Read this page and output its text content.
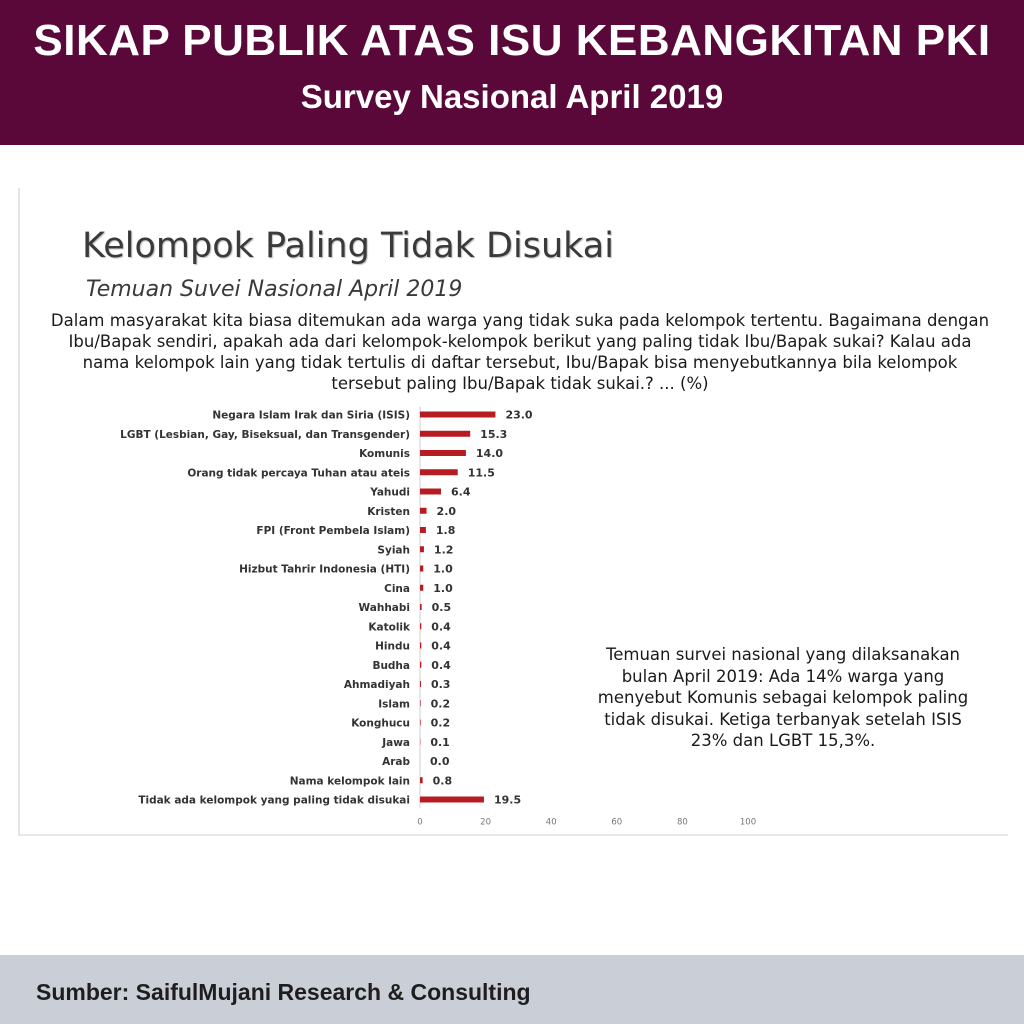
SIKAP PUBLIK ATAS ISU KEBANGKITAN PKI
Survey Nasional April 2019
Kelompok Paling Tidak Disukai
Temuan Suvei Nasional April 2019
Dalam masyarakat kita biasa ditemukan ada warga yang tidak suka pada kelompok tertentu. Bagaimana dengan Ibu/Bapak sendiri, apakah ada dari kelompok-kelompok berikut yang paling tidak Ibu/Bapak sukai? Kalau ada nama kelompok lain yang tidak tertulis di daftar tersebut, Ibu/Bapak bisa menyebutkannya bila kelompok tersebut paling Ibu/Bapak tidak sukai.? ... (%)
Negara Islam Irak dan Siria (ISIS)	23.0
LGBT (Lesbian, Gay, Biseksual, dan Transgender)	15.3
Komunis	14.0
Orang tidak percaya Tuhan atau ateis	11.5
Yahudi	6.4
Kristen 2.0
FPI (Front Pembela Islam) 1.8
Syiah 1.2
Hizbut Tahrir Indonesia (HTI) 1.0
Cina 1.0
Wahhabi 0.5
Katolik 0.4
Hindu 0.4
Budha 0.4
Ahmadiyah 0.3
Islam 0.2
Konghucu 0.2
Jawa 0.1
Arab 0.0
Nama kelompok lain 0.8
Tidak ada kelompok yang paling tidak disukai	19.5
0	20	40	60	80	100
Temuan survei nasional yang dilaksanakan bulan April 2019: Ada 14% warga yang menyebut Komunis sebagai kelompok paling tidak disukai. Ketiga terbanyak setelah ISIS 23% dan LGBT 15,3%.
Sumber: SaifulMujani Research & Consulting
